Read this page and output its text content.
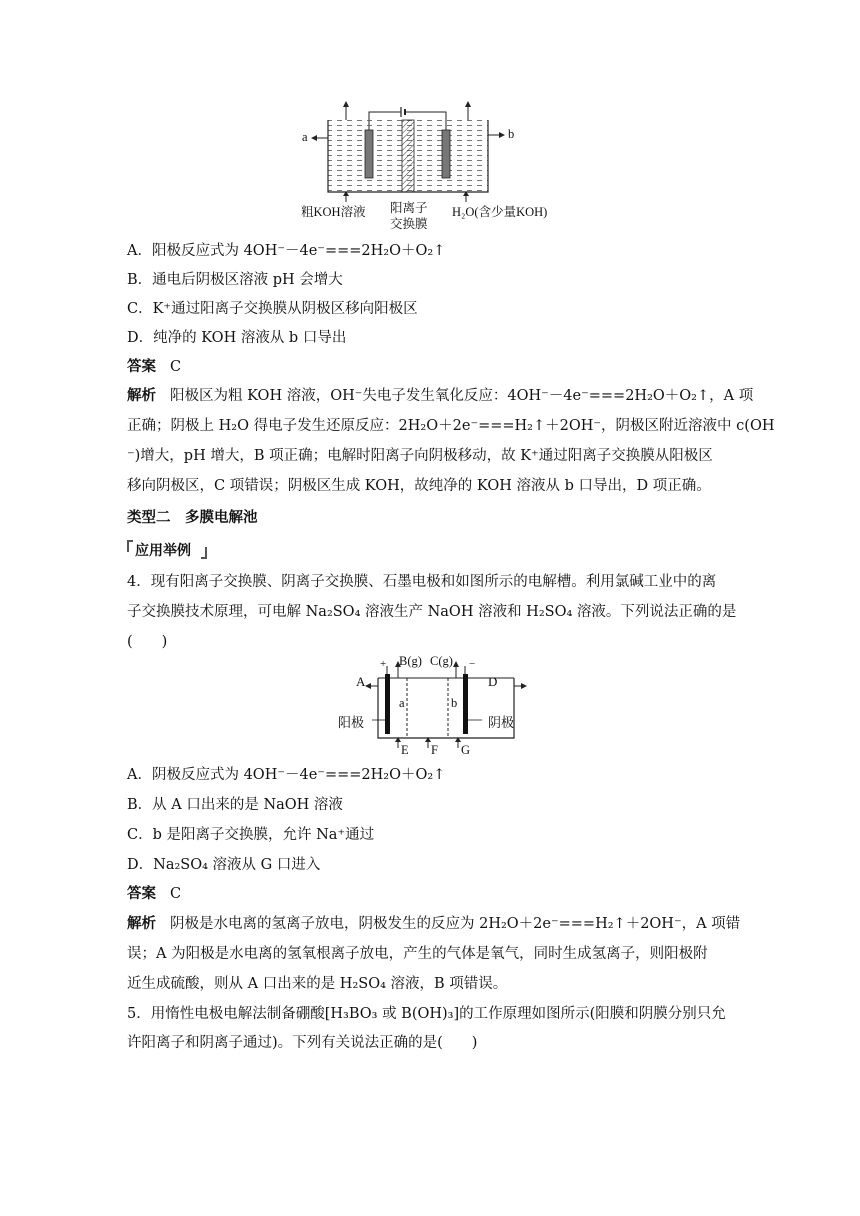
a	b
粗KOH溶液 阳离子
交换膜
H₂O(含少量KOH)
A．阳极反应式为 4OH⁻－4e⁻===2H₂O＋O₂↑
B．通电后阴极区溶液 pH 会增大
C．K⁺通过阳离子交换膜从阴极区移向阳极区
D．纯净的 KOH 溶液从 b 口导出
答案 C
解析 阳极区为粗 KOH 溶液，OH⁻失电子发生氧化反应：4OH⁻－4e⁻===2H₂O＋O₂↑，A 项
正确；阴极上 H₂O 得电子发生还原反应：2H₂O＋2e⁻===H₂↑＋2OH⁻，阴极区附近溶液中 c(OH
⁻)增大，pH 增大，B 项正确；电解时阳离子向阴极移动，故 K⁺通过阳离子交换膜从阳极区
移向阴极区，C 项错误；阴极区生成 KOH，故纯净的 KOH 溶液从 b 口导出，D 项正确。
类型二　多膜电解池
应用举例
4．现有阳离子交换膜、阴离子交换膜、石墨电极和如图所示的电解槽。利用氯碱工业中的离
子交换膜技术原理，可电解 Na₂SO₄ 溶液生产 NaOH 溶液和 H₂SO₄ 溶液。下列说法正确的是
(　　)
+	−
B(g) C(g)
A	D
a	b
阳极	阴极
E F G
A．阴极反应式为 4OH⁻－4e⁻===2H₂O＋O₂↑
B．从 A 口出来的是 NaOH 溶液
C．b 是阳离子交换膜，允许 Na⁺通过
D．Na₂SO₄ 溶液从 G 口进入
答案 C
解析 阴极是水电离的氢离子放电，阴极发生的反应为 2H₂O＋2e⁻===H₂↑＋2OH⁻，A 项错
误；A 为阳极是水电离的氢氧根离子放电，产生的气体是氧气，同时生成氢离子，则阳极附
近生成硫酸，则从 A 口出来的是 H₂SO₄ 溶液，B 项错误。
5．用惰性电极电解法制备硼酸[H₃BO₃ 或 B(OH)₃]的工作原理如图所示(阳膜和阴膜分别只允
许阳离子和阴离子通过)。下列有关说法正确的是(　　)
